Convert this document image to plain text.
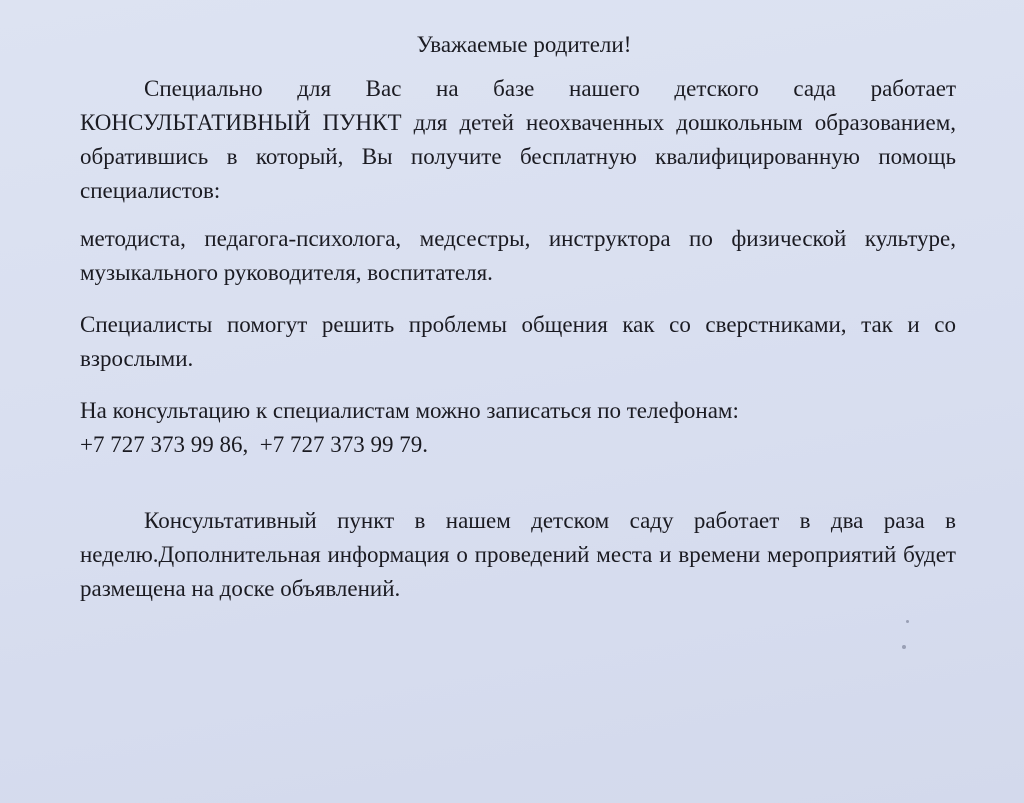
Уважаемые родители!

Специально для Вас на базе нашего детского сада работает КОНСУЛЬТАТИВНЫЙ ПУНКТ для детей неохваченных дошкольным образованием, обратившись в который, Вы получите бесплатную квалифицированную помощь специалистов:

методиста, педагога-психолога, медсестры, инструктора по физической культуре, музыкального руководителя, воспитателя.

Специалисты помогут решить проблемы общения как со сверстниками, так и со взрослыми.

На консультацию к специалистам можно записаться по телефонам:
+7 727 373 99 86,  +7 727 373 99 79.

Консультативный пункт в нашем детском саду работает в два раза в неделю.Дополнительная информация о проведений места и времени мероприятий будет размещена на доске объявлений.
